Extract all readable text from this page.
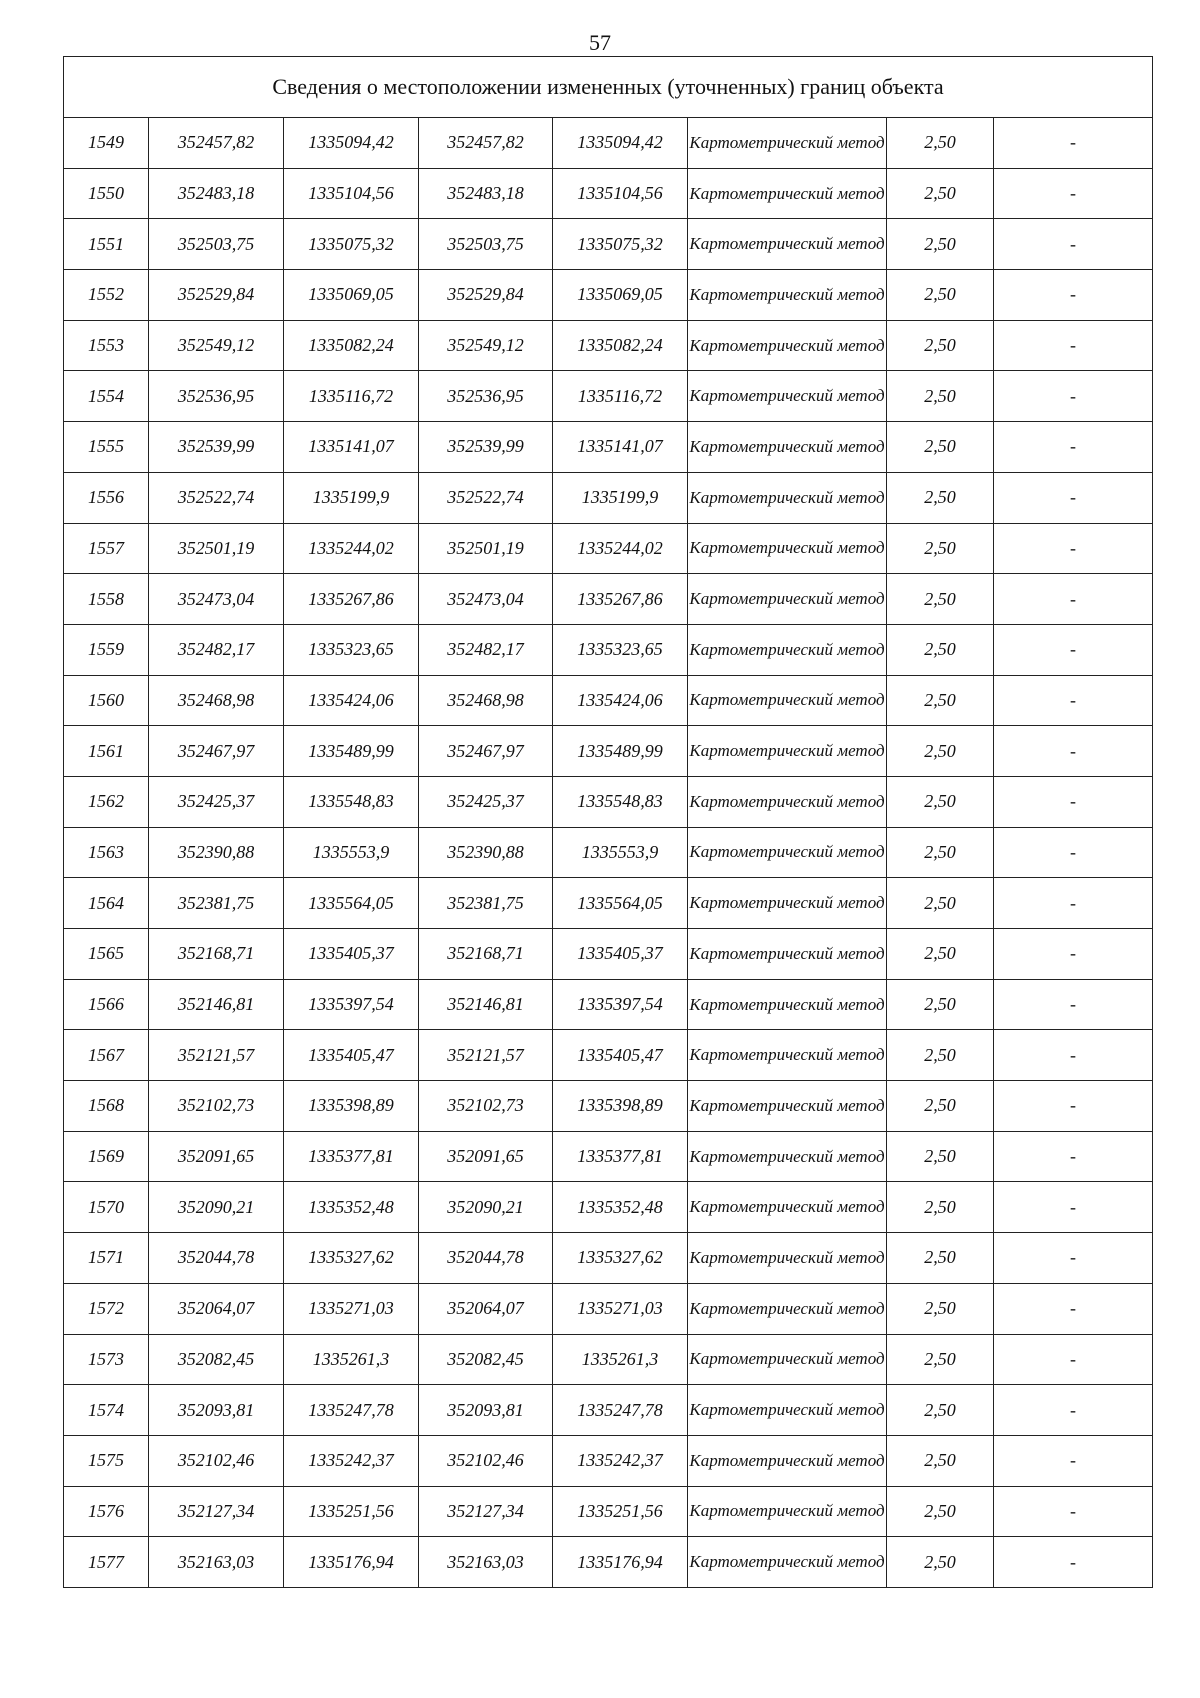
57
Сведения о местоположении измененных (уточненных) границ объекта							
1549	352457,82	1335094,42	352457,82	1335094,42	Картометрический метод	2,50	-
1550	352483,18	1335104,56	352483,18	1335104,56	Картометрический метод	2,50	-
1551	352503,75	1335075,32	352503,75	1335075,32	Картометрический метод	2,50	-
1552	352529,84	1335069,05	352529,84	1335069,05	Картометрический метод	2,50	-
1553	352549,12	1335082,24	352549,12	1335082,24	Картометрический метод	2,50	-
1554	352536,95	1335116,72	352536,95	1335116,72	Картометрический метод	2,50	-
1555	352539,99	1335141,07	352539,99	1335141,07	Картометрический метод	2,50	-
1556	352522,74	1335199,9	352522,74	1335199,9	Картометрический метод	2,50	-
1557	352501,19	1335244,02	352501,19	1335244,02	Картометрический метод	2,50	-
1558	352473,04	1335267,86	352473,04	1335267,86	Картометрический метод	2,50	-
1559	352482,17	1335323,65	352482,17	1335323,65	Картометрический метод	2,50	-
1560	352468,98	1335424,06	352468,98	1335424,06	Картометрический метод	2,50	-
1561	352467,97	1335489,99	352467,97	1335489,99	Картометрический метод	2,50	-
1562	352425,37	1335548,83	352425,37	1335548,83	Картометрический метод	2,50	-
1563	352390,88	1335553,9	352390,88	1335553,9	Картометрический метод	2,50	-
1564	352381,75	1335564,05	352381,75	1335564,05	Картометрический метод	2,50	-
1565	352168,71	1335405,37	352168,71	1335405,37	Картометрический метод	2,50	-
1566	352146,81	1335397,54	352146,81	1335397,54	Картометрический метод	2,50	-
1567	352121,57	1335405,47	352121,57	1335405,47	Картометрический метод	2,50	-
1568	352102,73	1335398,89	352102,73	1335398,89	Картометрический метод	2,50	-
1569	352091,65	1335377,81	352091,65	1335377,81	Картометрический метод	2,50	-
1570	352090,21	1335352,48	352090,21	1335352,48	Картометрический метод	2,50	-
1571	352044,78	1335327,62	352044,78	1335327,62	Картометрический метод	2,50	-
1572	352064,07	1335271,03	352064,07	1335271,03	Картометрический метод	2,50	-
1573	352082,45	1335261,3	352082,45	1335261,3	Картометрический метод	2,50	-
1574	352093,81	1335247,78	352093,81	1335247,78	Картометрический метод	2,50	-
1575	352102,46	1335242,37	352102,46	1335242,37	Картометрический метод	2,50	-
1576	352127,34	1335251,56	352127,34	1335251,56	Картометрический метод	2,50	-
1577	352163,03	1335176,94	352163,03	1335176,94	Картометрический метод	2,50	-
